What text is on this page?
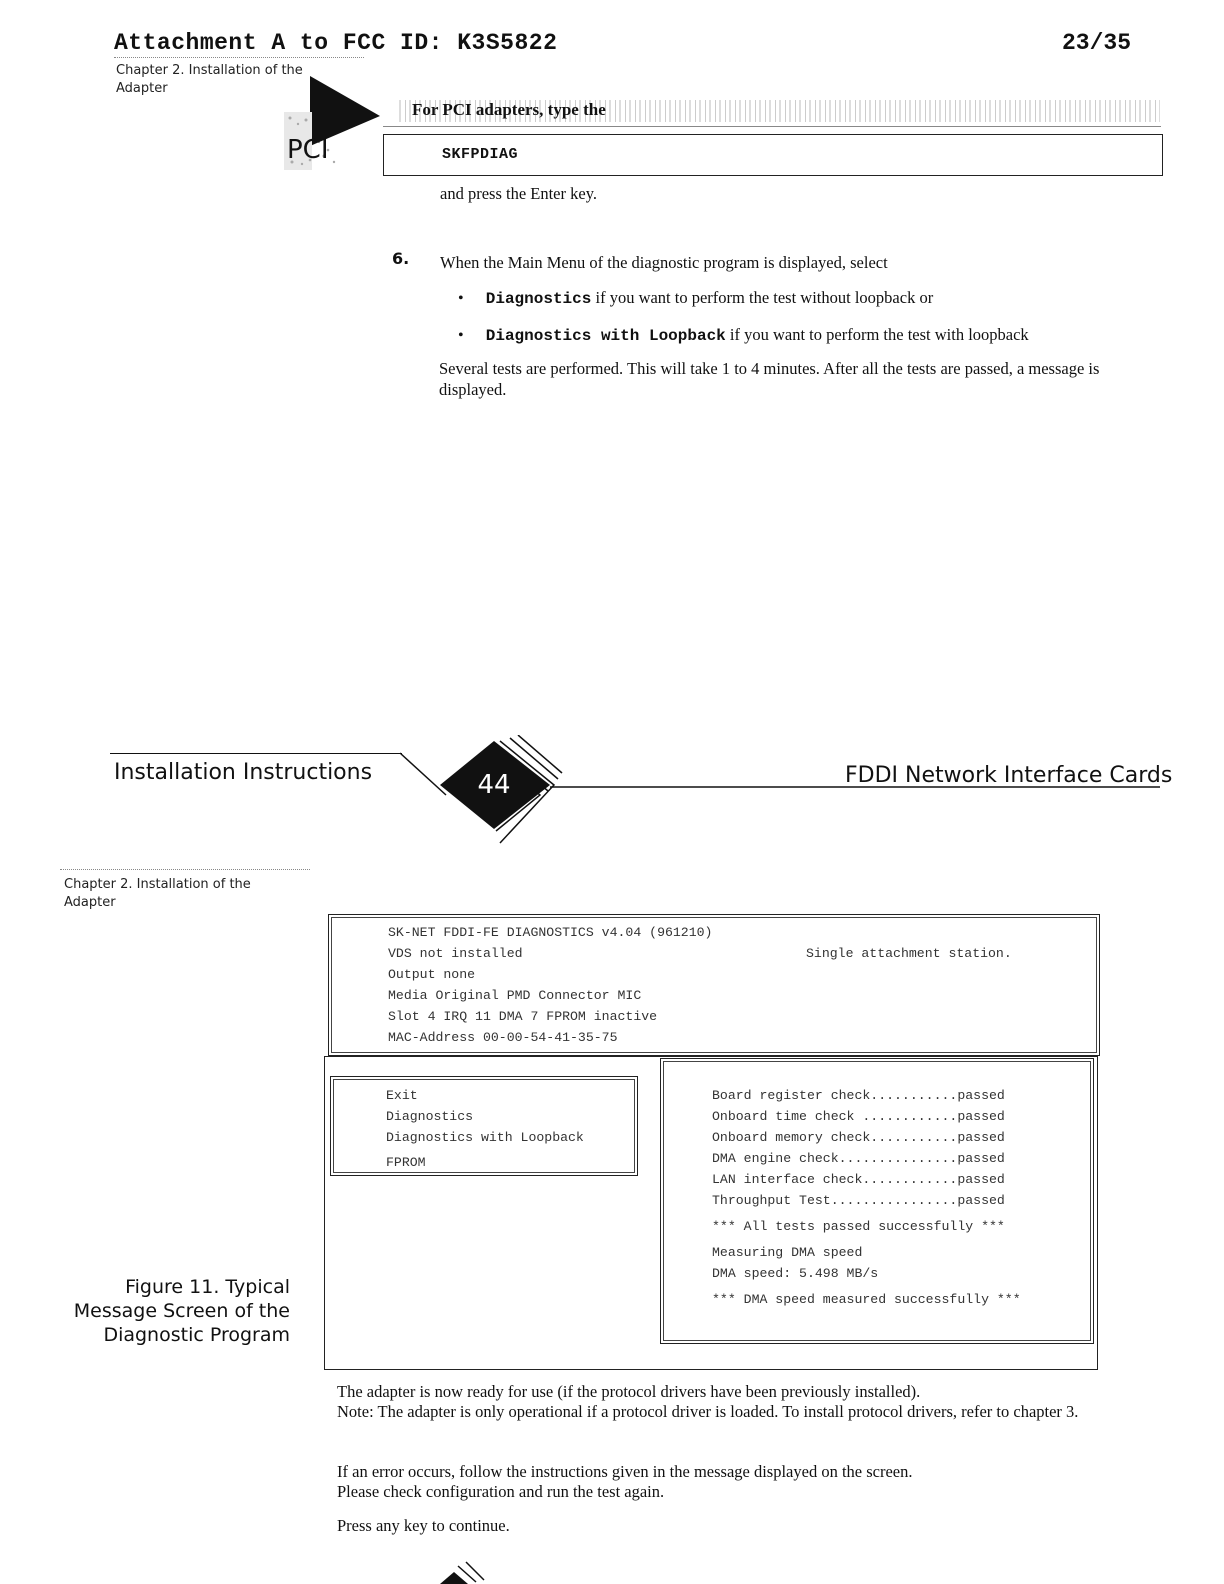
Attachment A to FCC ID: K3S5822	23/35
Chapter 2. Installation of the
Adapter
PCI
For PCI adapters, type the
SKFPDIAG
and press the Enter key.
6. When the Main Menu of the diagnostic program is displayed, select
• Diagnostics if you want to perform the test without loopback or
• Diagnostics with Loopback if you want to perform the test with loopback
Several tests are performed. This will take 1 to 4 minutes. After all the tests are passed, a message is displayed.
Installation Instructions	44	FDDI Network Interface Cards
Chapter 2. Installation of the
Adapter
Figure 11. Typical Message Screen of the Diagnostic Program
SK-NET FDDI-FE DIAGNOSTICS v4.04 (961210)
VDS not installed
Output none
Media Original PMD Connector MIC
Slot 4 IRQ 11 DMA 7 FPROM inactive
MAC-Address 00-00-54-41-35-75
Single attachment station.
Exit
Diagnostics
Diagnostics with Loopback
FPROM
Board register check...........passed
Onboard time check ............passed
Onboard memory check...........passed
DMA engine check...............passed
LAN interface check............passed
Throughput Test................passed
*** All tests passed successfully ***
Measuring DMA speed
DMA speed: 5.498 MB/s
*** DMA speed measured successfully ***
The adapter is now ready for use (if the protocol drivers have been previously installed).
Note: The adapter is only operational if a protocol driver is loaded. To install protocol drivers, refer to chapter 3.
If an error occurs, follow the instructions given in the message displayed on the screen.
Please check configuration and run the test again.
Press any key to continue.
